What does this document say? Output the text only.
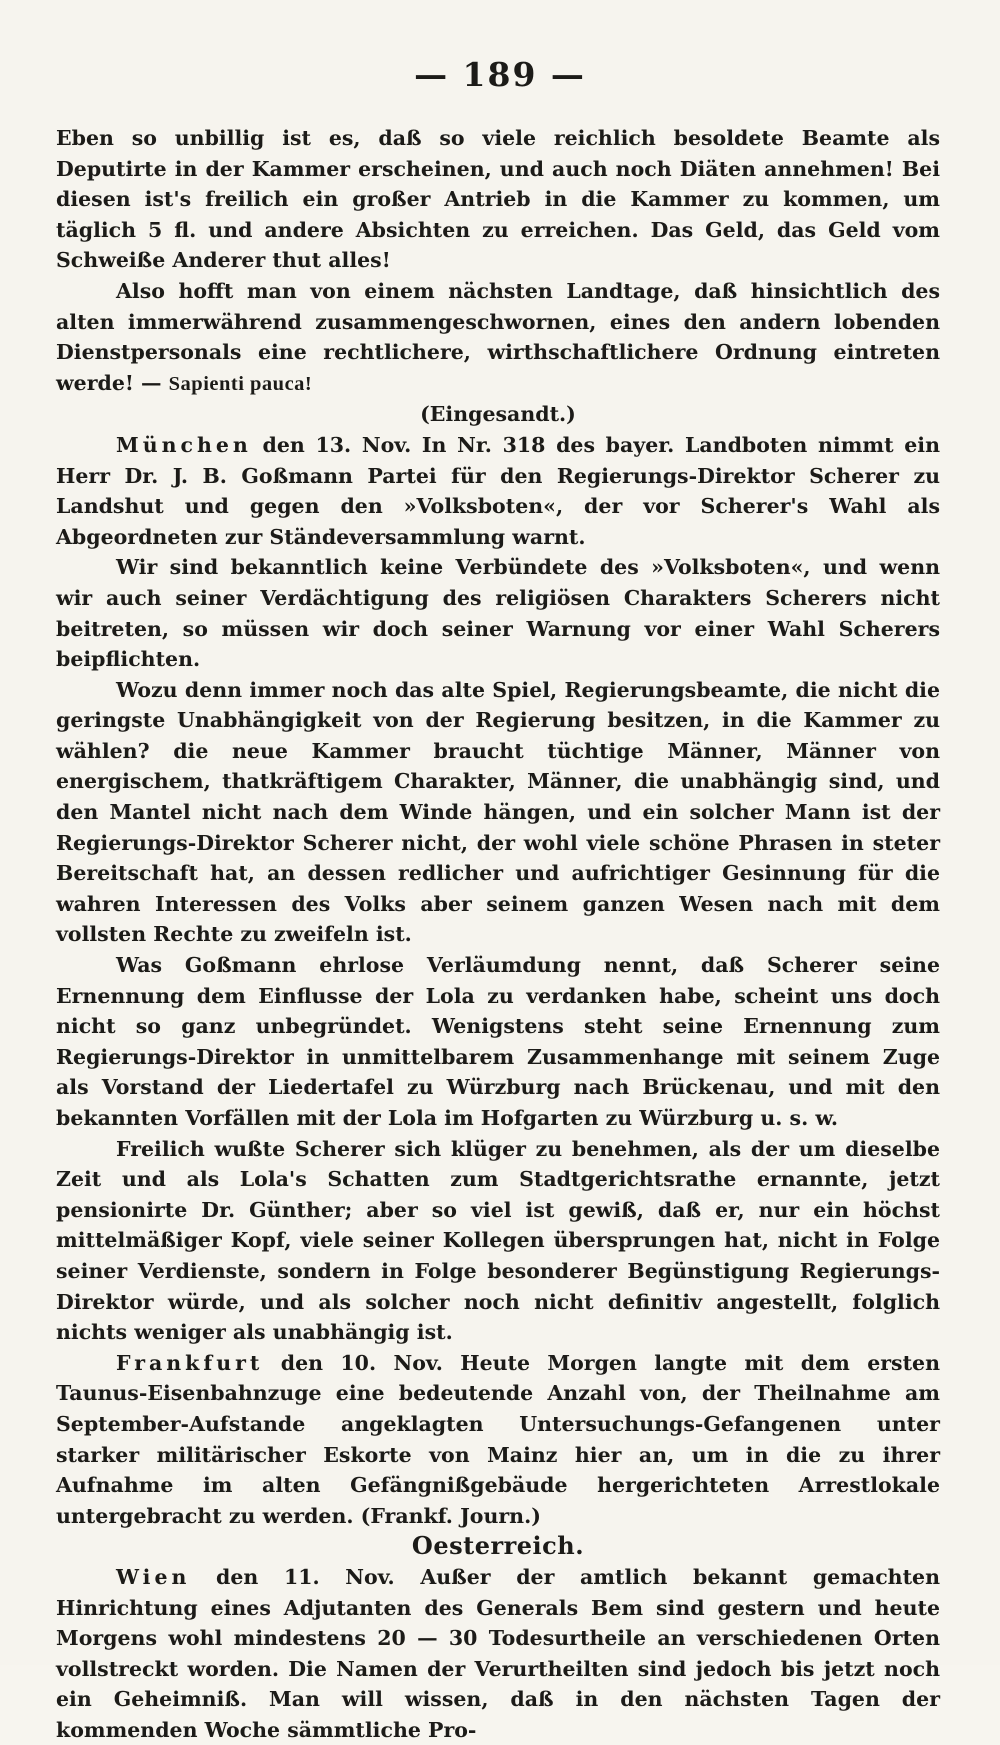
— 189 —

Eben so unbillig ist es, daß so viele reichlich besoldete Beamte als Deputirte in der Kammer erscheinen, und auch noch Diäten annehmen! Bei diesen ist's freilich ein großer Antrieb in die Kammer zu kommen, um täglich 5 fl. und andere Absichten zu erreichen. Das Geld, das Geld vom Schweiße Anderer thut alles!

Also hofft man von einem nächsten Landtage, daß hinsichtlich des alten immerwährend zusammengeschwornen, eines den andern lobenden Dienstpersonals eine rechtlichere, wirthschaftlichere Ordnung eintreten werde! — Sapienti pauca!

(Eingesandt.)

München den 13. Nov. In Nr. 318 des bayer. Landboten nimmt ein Herr Dr. J. B. Goßmann Partei für den Regierungs-Direktor Scherer zu Landshut und gegen den »Volksboten«, der vor Scherer's Wahl als Abgeordneten zur Ständeversammlung warnt.

Wir sind bekanntlich keine Verbündete des »Volksboten«, und wenn wir auch seiner Verdächtigung des religiösen Charakters Scherers nicht beitreten, so müssen wir doch seiner Warnung vor einer Wahl Scherers beipflichten.

Wozu denn immer noch das alte Spiel, Regierungsbeamte, die nicht die geringste Unabhängigkeit von der Regierung besitzen, in die Kammer zu wählen? die neue Kammer braucht tüchtige Männer, Männer von energischem, thatkräftigem Charakter, Männer, die unabhängig sind, und den Mantel nicht nach dem Winde hängen, und ein solcher Mann ist der Regierungs-Direktor Scherer nicht, der wohl viele schöne Phrasen in steter Bereitschaft hat, an dessen redlicher und aufrichtiger Gesinnung für die wahren Interessen des Volks aber seinem ganzen Wesen nach mit dem vollsten Rechte zu zweifeln ist.

Was Goßmann ehrlose Verläumdung nennt, daß Scherer seine Ernennung dem Einflusse der Lola zu verdanken habe, scheint uns doch nicht so ganz unbegründet. Wenigstens steht seine Ernennung zum Regierungs-Direktor in unmittelbarem Zusammenhange mit seinem Zuge als Vorstand der Liedertafel zu Würzburg nach Brückenau, und mit den bekannten Vorfällen mit der Lola im Hofgarten zu Würzburg u. s. w.

Freilich wußte Scherer sich klüger zu benehmen, als der um dieselbe Zeit und als Lola's Schatten zum Stadtgerichtsrathe ernannte, jetzt pensionirte Dr. Günther; aber so viel ist gewiß, daß er, nur ein höchst mittelmäßiger Kopf, viele seiner Kollegen übersprungen hat, nicht in Folge seiner Verdienste, sondern in Folge besonderer Begünstigung Regierungs-Direktor würde, und als solcher noch nicht definitiv angestellt, folglich nichts weniger als unabhängig ist.

Frankfurt den 10. Nov. Heute Morgen langte mit dem ersten Taunus-Eisenbahnzuge eine bedeutende Anzahl von, der Theilnahme am September-Aufstande angeklagten Untersuchungs-Gefangenen unter starker militärischer Eskorte von Mainz hier an, um in die zu ihrer Aufnahme im alten Gefängnißgebäude hergerichteten Arrestlokale untergebracht zu werden. (Frankf. Journ.)

Oesterreich.

Wien den 11. Nov. Außer der amtlich bekannt gemachten Hinrichtung eines Adjutanten des Generals Bem sind gestern und heute Morgens wohl mindestens 20 — 30 Todesurtheile an verschiedenen Orten vollstreckt worden. Die Namen der Verurtheilten sind jedoch bis jetzt noch ein Geheimniß. Man will wissen, daß in den nächsten Tagen der kommenden Woche sämmtliche Pro-
